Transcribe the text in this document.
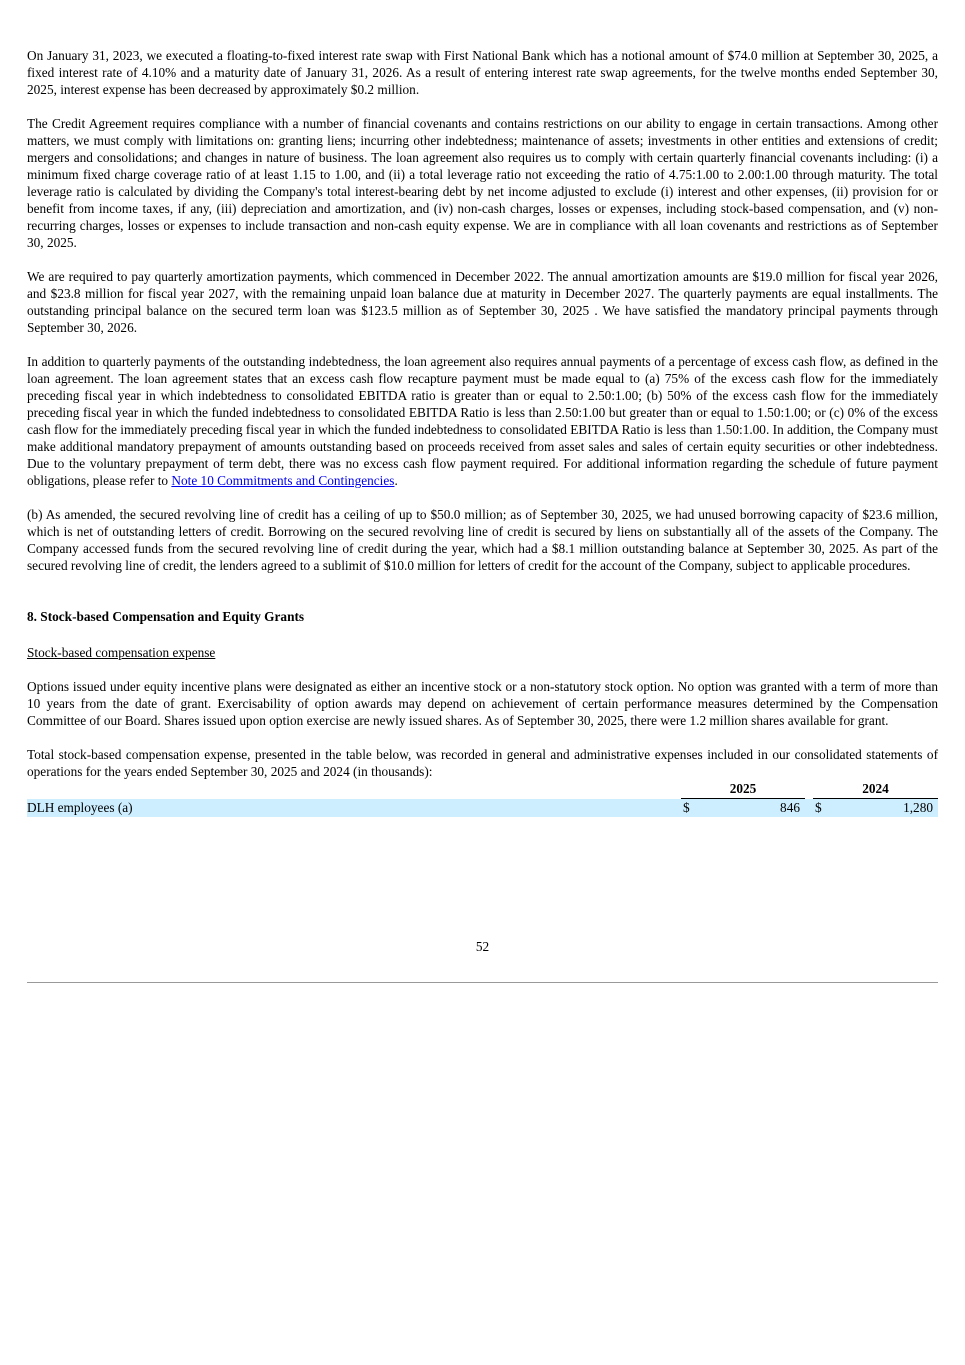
On January 31, 2023, we executed a floating-to-fixed interest rate swap with First National Bank which has a notional amount of $74.0 million at September 30, 2025, a fixed interest rate of 4.10% and a maturity date of January 31, 2026. As a result of entering interest rate swap agreements, for the twelve months ended September 30, 2025, interest expense has been decreased by approximately $0.2 million.

The Credit Agreement requires compliance with a number of financial covenants and contains restrictions on our ability to engage in certain transactions. Among other matters, we must comply with limitations on: granting liens; incurring other indebtedness; maintenance of assets; investments in other entities and extensions of credit; mergers and consolidations; and changes in nature of business. The loan agreement also requires us to comply with certain quarterly financial covenants including: (i) a minimum fixed charge coverage ratio of at least 1.15 to 1.00, and (ii) a total leverage ratio not exceeding the ratio of 4.75:1.00 to 2.00:1.00 through maturity. The total leverage ratio is calculated by dividing the Company's total interest-bearing debt by net income adjusted to exclude (i) interest and other expenses, (ii) provision for or benefit from income taxes, if any, (iii) depreciation and amortization, and (iv) non-cash charges, losses or expenses, including stock-based compensation, and (v) non-recurring charges, losses or expenses to include transaction and non-cash equity expense. We are in compliance with all loan covenants and restrictions as of September 30, 2025.

We are required to pay quarterly amortization payments, which commenced in December 2022. The annual amortization amounts are $19.0 million for fiscal year 2026, and $23.8 million for fiscal year 2027, with the remaining unpaid loan balance due at maturity in December 2027. The quarterly payments are equal installments. The outstanding principal balance on the secured term loan was $123.5 million as of September 30, 2025 . We have satisfied the mandatory principal payments through September 30, 2026.

In addition to quarterly payments of the outstanding indebtedness, the loan agreement also requires annual payments of a percentage of excess cash flow, as defined in the loan agreement. The loan agreement states that an excess cash flow recapture payment must be made equal to (a) 75% of the excess cash flow for the immediately preceding fiscal year in which indebtedness to consolidated EBITDA ratio is greater than or equal to 2.50:1.00; (b) 50% of the excess cash flow for the immediately preceding fiscal year in which the funded indebtedness to consolidated EBITDA Ratio is less than 2.50:1.00 but greater than or equal to 1.50:1.00; or (c) 0% of the excess cash flow for the immediately preceding fiscal year in which the funded indebtedness to consolidated EBITDA Ratio is less than 1.50:1.00. In addition, the Company must make additional mandatory prepayment of amounts outstanding based on proceeds received from asset sales and sales of certain equity securities or other indebtedness. Due to the voluntary prepayment of term debt, there was no excess cash flow payment required. For additional information regarding the schedule of future payment obligations, please refer to Note 10 Commitments and Contingencies.

(b) As amended, the secured revolving line of credit has a ceiling of up to $50.0 million; as of September 30, 2025, we had unused borrowing capacity of $23.6 million, which is net of outstanding letters of credit. Borrowing on the secured revolving line of credit is secured by liens on substantially all of the assets of the Company. The Company accessed funds from the secured revolving line of credit during the year, which had a $8.1 million outstanding balance at September 30, 2025. As part of the secured revolving line of credit, the lenders agreed to a sublimit of $10.0 million for letters of credit for the account of the Company, subject to applicable procedures.

8. Stock-based Compensation and Equity Grants

Stock-based compensation expense

Options issued under equity incentive plans were designated as either an incentive stock or a non-statutory stock option. No option was granted with a term of more than 10 years from the date of grant. Exercisability of option awards may depend on achievement of certain performance measures determined by the Compensation Committee of our Board. Shares issued upon option exercise are newly issued shares. As of September 30, 2025, there were 1.2 million shares available for grant.

Total stock-based compensation expense, presented in the table below, was recorded in general and administrative expenses included in our consolidated statements of operations for the years ended September 30, 2025 and 2024 (in thousands):

	2025			2024	
DLH employees (a)	$	846		$	1,280
52
